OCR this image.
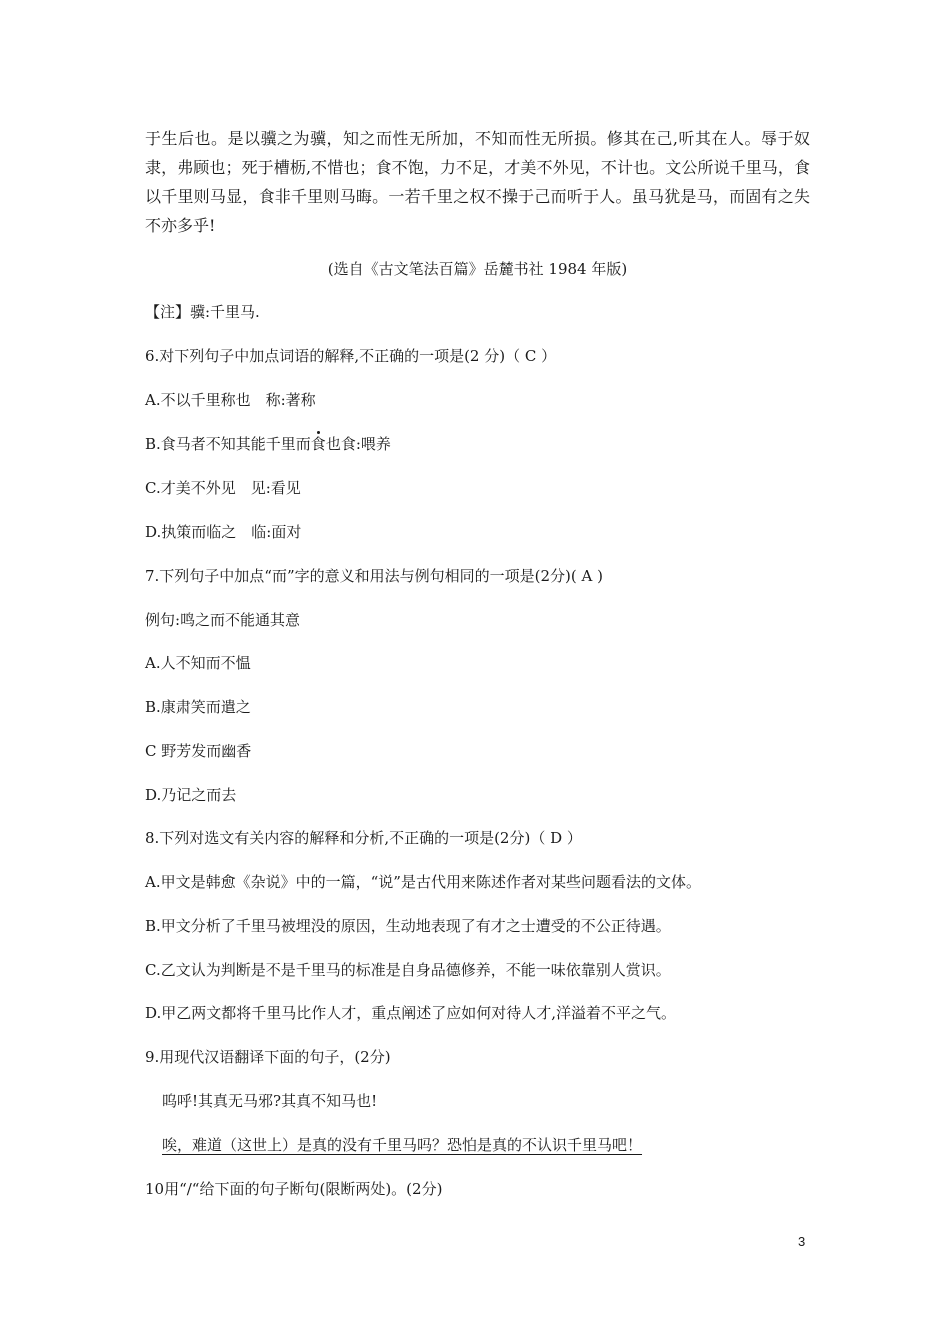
于生后也。是以骥之为骥，知之而性无所加，不知而性无所损。修其在己,听其在人。辱于奴隶，弗顾也；死于槽枥,不惜也；食不饱，力不足，才美不外见，不计也。文公所说千里马，食以千里则马显，食非千里则马晦。一若千里之权不操于己而听于人。虽马犹是马，而固有之失不亦多乎!
(选自《古文笔法百篇》岳麓书社 1984 年版)
【注】骥:千里马.
6.对下列句子中加点词语的解释,不正确的一项是(2 分)（ C ）
A.不以千里称也　称:著称
B.食马者不知其能千里而食也食:喂养
C.才美不外见　见:看见
D.执策而临之　临:面对
7.下列句子中加点“而”字的意义和用法与例句相同的一项是(2分)( A )
例句:鸣之而不能通其意
A.人不知而不愠
B.康肃笑而遣之
C 野芳发而幽香
D.乃记之而去
8.下列对选文有关内容的解释和分析,不正确的一项是(2分)（ D ）
A.甲文是韩愈《杂说》中的一篇，“说”是古代用来陈述作者对某些问题看法的文体。
B.甲文分析了千里马被埋没的原因，生动地表现了有才之士遭受的不公正待遇。
C.乙文认为判断是不是千里马的标准是自身品德修养，不能一味依靠别人赏识。
D.甲乙两文都将千里马比作人才，重点阐述了应如何对待人才,洋溢着不平之气。
9.用现代汉语翻译下面的句子，(2分)
呜呼!其真无马邪?其真不知马也!
唉，难道（这世上）是真的没有千里马吗？恐怕是真的不认识千里马吧！
10用“/“给下面的句子断句(限断两处)。(2分)
3
